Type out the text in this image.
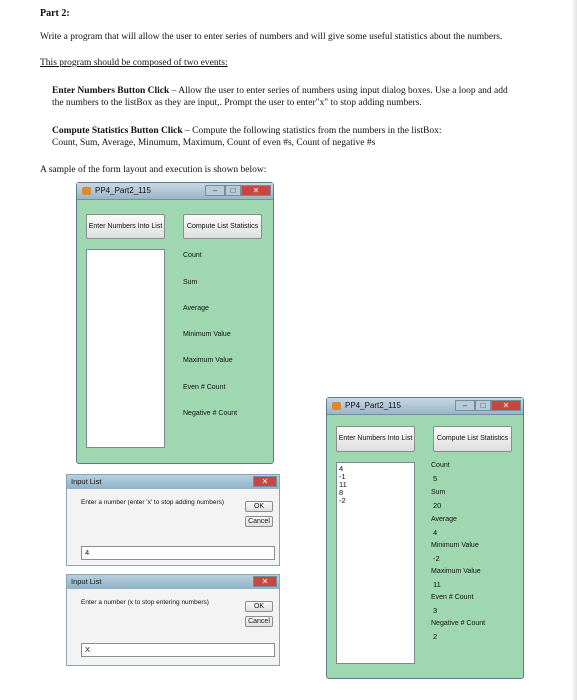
Part 2:
Write a program that will allow the user to enter series of numbers and will give some useful statistics about the numbers.
This program should be composed of two events:
Enter Numbers Button Click – Allow the user to enter series of numbers using input dialog boxes. Use a loop and add
the numbers to the listBox as they are input,. Prompt the user to enter"x" to stop adding numbers.
Compute Statistics Button Click – Compute the following statistics from the numbers in the listBox:
Count, Sum, Average, Minumum, Maximum, Count of even #s, Count of negative #s
A sample of the form layout and execution is shown below:
PP4_Part2_115	–	□	✕
Enter Numbers Into List	Compute List Statistics
Count
Sum
Average
Minimum Value
Maximum Value
Even # Count
Negative # Count
PP4_Part2_115	–	□	✕
Enter Numbers Into List	Compute List Statistics
4
-1
11
8
-2
Count
5
Sum
20
Average
4
Minimum Value
-2
Maximum Value
11
Even # Count
3
Negative # Count
2
Input List	✕
Enter a number (enter 'x' to stop adding numbers)	OK
Cancel
4
Input List	✕
Enter a number (x to stop entering numbers)	OK
Cancel
X
